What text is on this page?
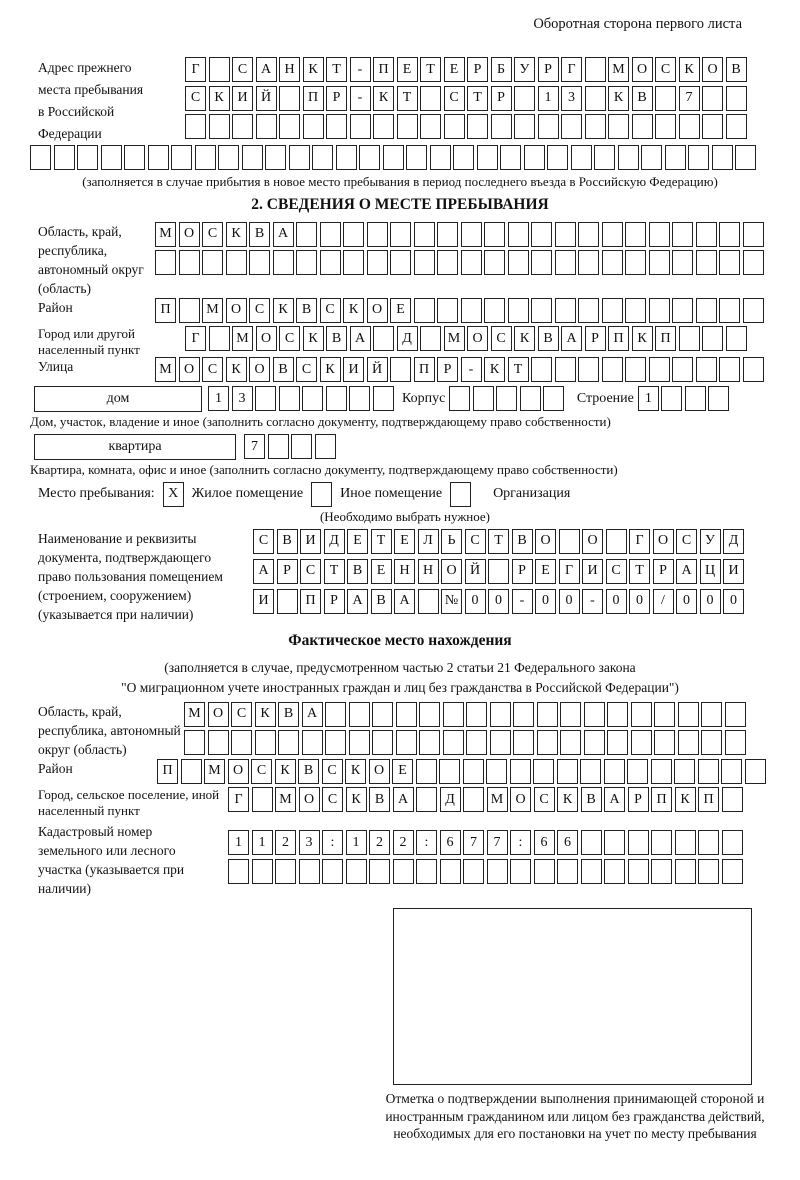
Оборотная сторона первого листа
Адрес прежнего места пребывания в Российской Федерации
Г	С А Н К	Т	-	П	Е	Т	Е	Р	Б	У	Р	Г	М О С	К О В
С	К И Й	П	Р	-	К	Т	С	Т	Р	1	3	К	В	7
(заполняется в случае прибытия в новое место пребывания в период последнего въезда в Российскую Федерацию)
2. СВЕДЕНИЯ О МЕСТЕ ПРЕБЫВАНИЯ
Область, край, республика, автономный округ (область)
М О С	К	В А
Район	П	М О С	К	В	С	К О	Е
Город или другой населенный пункт
Г	М О С	К	В А	Д	М О С	К	В А	Р	П К П
Улица	М О С	К О В	С	К И Й	П	Р	-	К	Т
дом	1	3	Корпус	Строение 1
Дом, участок, владение и иное (заполнить согласно документу, подтверждающему право собственности)
квартира	7
Квартира, комната, офис и иное (заполнить согласно документу, подтверждающему право собственности)
Место пребывания: X Жилое помещение	Иное помещение	Организация
(Необходимо выбрать нужное)
Наименование и реквизиты документа, подтверждающего право пользования помещением (строением, сооружением) (указывается при наличии)
С	В И Д	Е	Т	Е	Л	Ь	С	Т	В О	О	Г	О С У Д
А	Р	С	Т	В	Е	Н Н О Й	Р	Е	Г	И С	Т	Р	А Ц И
И	П	Р	А В А	№ 0	0	-	0	0	-	0	0	/	0	0	0
Фактическое место нахождения
(заполняется в случае, предусмотренном частью 2 статьи 21 Федерального закона
"О миграционном учете иностранных граждан и лиц без гражданства в Российской Федерации")
Область, край, республика, автономный округ (область)
М О С	К	В А
Район	П	М О С	К	В	С	К О	Е
Город, сельское поселение, иной населенный пункт
Г	М О С	К	В А	Д	М О С	К	В А	Р	П К П
Кадастровый номер земельного или лесного участка (указывается при наличии)
1	1	2	3	:	1	2	2	:	6	7	7	:	6	6
Отметка о подтверждении выполнения принимающей стороной и иностранным гражданином или лицом без гражданства действий, необходимых для его постановки на учет по месту пребывания
